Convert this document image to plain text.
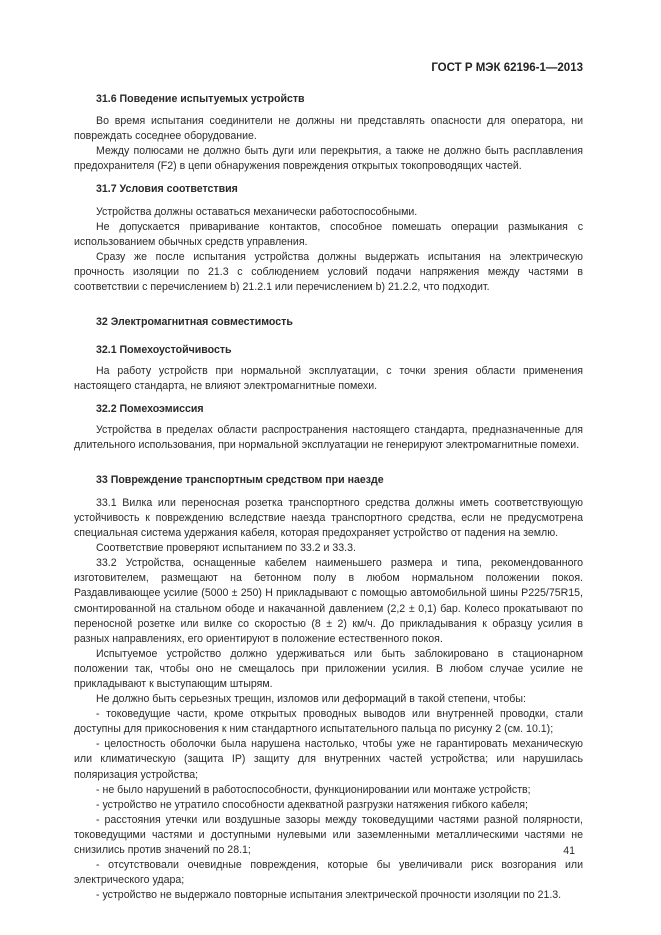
ГОСТ Р МЭК 62196-1—2013

31.6 Поведение испытуемых устройств

Во время испытания соединители не должны ни представлять опасности для оператора, ни повреждать соседнее оборудование.

Между полюсами не должно быть дуги или перекрытия, а также не должно быть расплавления предохранителя (F2) в цепи обнаружения повреждения открытых токопроводящих частей.

31.7 Условия соответствия

Устройства должны оставаться механически работоспособными.

Не допускается приваривание контактов, способное помешать операции размыкания с использованием обычных средств управления.

Сразу же после испытания устройства должны выдержать испытания на электрическую прочность изоляции по 21.3 с соблюдением условий подачи напряжения между частями в соответствии с перечислением b) 21.2.1 или перечислением b) 21.2.2, что подходит.

32 Электромагнитная совместимость

32.1 Помехоустойчивость

На работу устройств при нормальной эксплуатации, с точки зрения области применения настоящего стандарта, не влияют электромагнитные помехи.

32.2 Помехоэмиссия

Устройства в пределах области распространения настоящего стандарта, предназначенные для длительного использования, при нормальной эксплуатации не генерируют электромагнитные помехи.

33 Повреждение транспортным средством при наезде

33.1 Вилка или переносная розетка транспортного средства должны иметь соответствующую устойчивость к повреждению вследствие наезда транспортного средства, если не предусмотрена специальная система удержания кабеля, которая предохраняет устройство от падения на землю.

Соответствие проверяют испытанием по 33.2 и 33.3.

33.2 Устройства, оснащенные кабелем наименьшего размера и типа, рекомендованного изготовителем, размещают на бетонном полу в любом нормальном положении покоя. Раздавливающее усилие (5000 ± 250) Н прикладывают с помощью автомобильной шины Р225/75R15, смонтированной на стальном ободе и накачанной давлением (2,2 ± 0,1) бар. Колесо прокатывают по переносной розетке или вилке со скоростью (8 ± 2) км/ч. До прикладывания к образцу усилия в разных направлениях, его ориентируют в положение естественного покоя.

Испытуемое устройство должно удерживаться или быть заблокировано в стационарном положении так, чтобы оно не смещалось при приложении усилия. В любом случае усилие не прикладывают к выступающим штырям.

Не должно быть серьезных трещин, изломов или деформаций в такой степени, чтобы:

- токоведущие части, кроме открытых проводных выводов или внутренней проводки, стали доступны для прикосновения к ним стандартного испытательного пальца по рисунку 2 (см. 10.1);

- целостность оболочки была нарушена настолько, чтобы уже не гарантировать механическую или климатическую (защита IP) защиту для внутренних частей устройства; или нарушилась поляризация устройства;

- не было нарушений в работоспособности, функционировании или монтаже устройств;

- устройство не утратило способности адекватной разгрузки натяжения гибкого кабеля;

- расстояния утечки или воздушные зазоры между токоведущими частями разной полярности, токоведущими частями и доступными нулевыми или заземленными металлическими частями не снизились против значений по 28.1;

- отсутствовали очевидные повреждения, которые бы увеличивали риск возгорания или электрического удара;

- устройство не выдержало повторные испытания электрической прочности изоляции по 21.3.

41
